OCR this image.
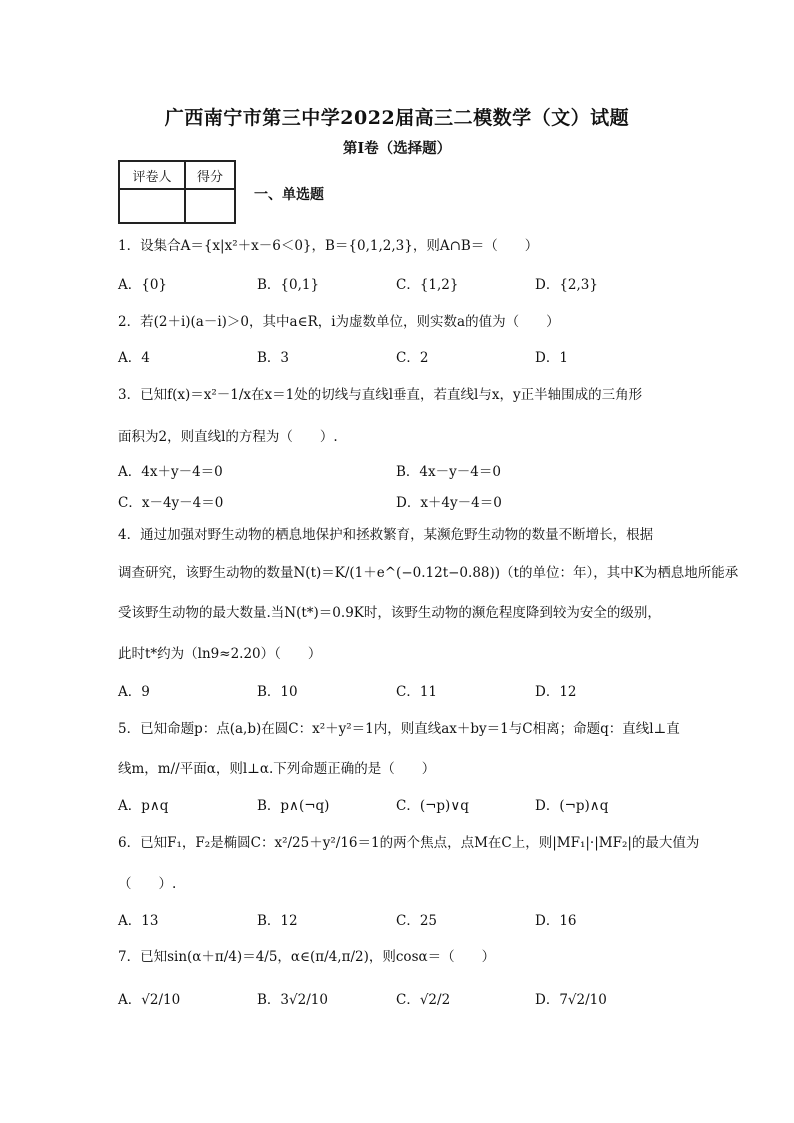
广西南宁市第三中学2022届高三二模数学（文）试题
第I卷（选择题）
评卷人	得分

一、单选题
1．设集合A＝{x|x²＋x－6＜0}，B＝{0,1,2,3}，则A∩B＝（　　）
A．{0}	B．{0,1}	C．{1,2}	D．{2,3}
2．若(2＋i)(a－i)＞0，其中a∈R，i为虚数单位，则实数a的值为（　　）
A．4	B．3	C．2	D．1
3．已知f(x)＝x²－1/x在x＝1处的切线与直线l垂直，若直线l与x，y正半轴围成的三角形
面积为2，则直线l的方程为（　　）.
A．4x＋y－4＝0	B．4x－y－4＝0
C．x－4y－4＝0	D．x＋4y－4＝0
4．通过加强对野生动物的栖息地保护和拯救繁育，某濒危野生动物的数量不断增长，根据
调查研究，该野生动物的数量N(t)＝K/(1＋e^(−0.12t−0.88))（t的单位：年），其中K为栖息地所能承
受该野生动物的最大数量.当N(t*)＝0.9K时，该野生动物的濒危程度降到较为安全的级别，
此时t*约为（ln9≈2.20）（　　）
A．9	B．10	C．11	D．12
5．已知命题p：点(a,b)在圆C：x²＋y²＝1内，则直线ax＋by＝1与C相离；命题q：直线l⊥直
线m，m//平面α，则l⊥α.下列命题正确的是（　　）
A．p∧q	B．p∧(¬q)	C．(¬p)∨q	D．(¬p)∧q
6．已知F₁，F₂是椭圆C：x²/25＋y²/16＝1的两个焦点，点M在C上，则|MF₁|·|MF₂|的最大值为
（　　）.
A．13	B．12	C．25	D．16
7．已知sin(α＋π/4)＝4/5，α∈(π/4,π/2)，则cosα＝（　　）
A．√2/10	B．3√2/10	C．√2/2	D．7√2/10
